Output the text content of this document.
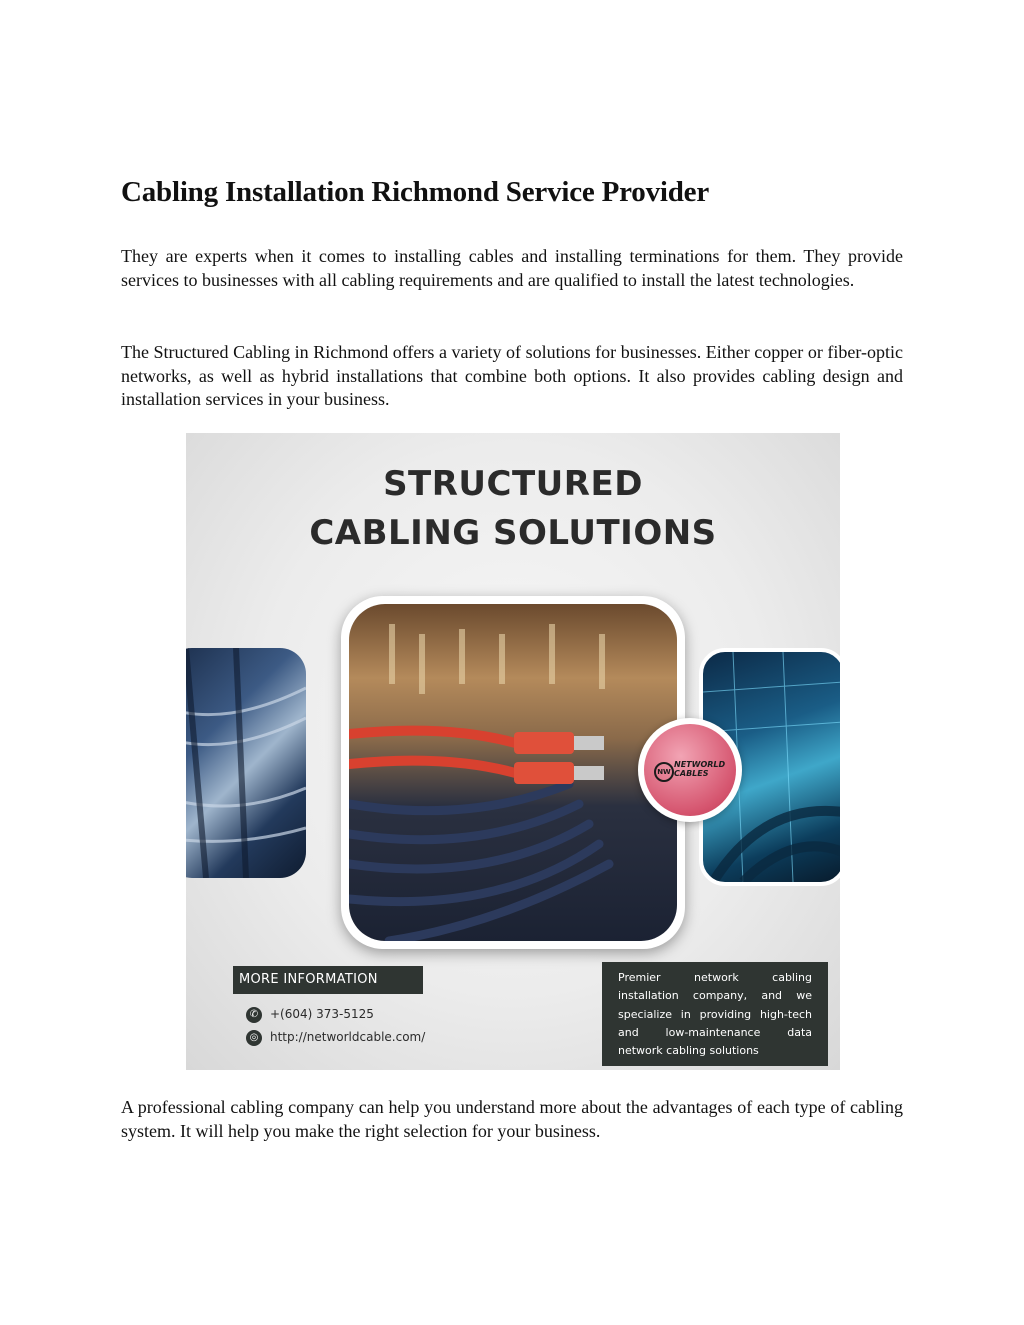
Cabling Installation Richmond Service Provider

They are experts when it comes to installing cables and installing terminations for them. They provide services to businesses with all cabling requirements and are qualified to install the latest technologies.

The Structured Cabling in Richmond offers a variety of solutions for businesses. Either copper or fiber-optic networks, as well as hybrid installations that combine both options. It also provides cabling design and installation services in your business.

STRUCTURED
CABLING SOLUTIONS
NW
NETWORLD
CABLES
MORE INFORMATION
✆ +(604) 373-5125
◎ http://networldcable.com/
Premier network cabling installation company, and we specialize in providing high-tech and low-maintenance data network cabling solutions

A professional cabling company can help you understand more about the advantages of each type of cabling system. It will help you make the right selection for your business.
